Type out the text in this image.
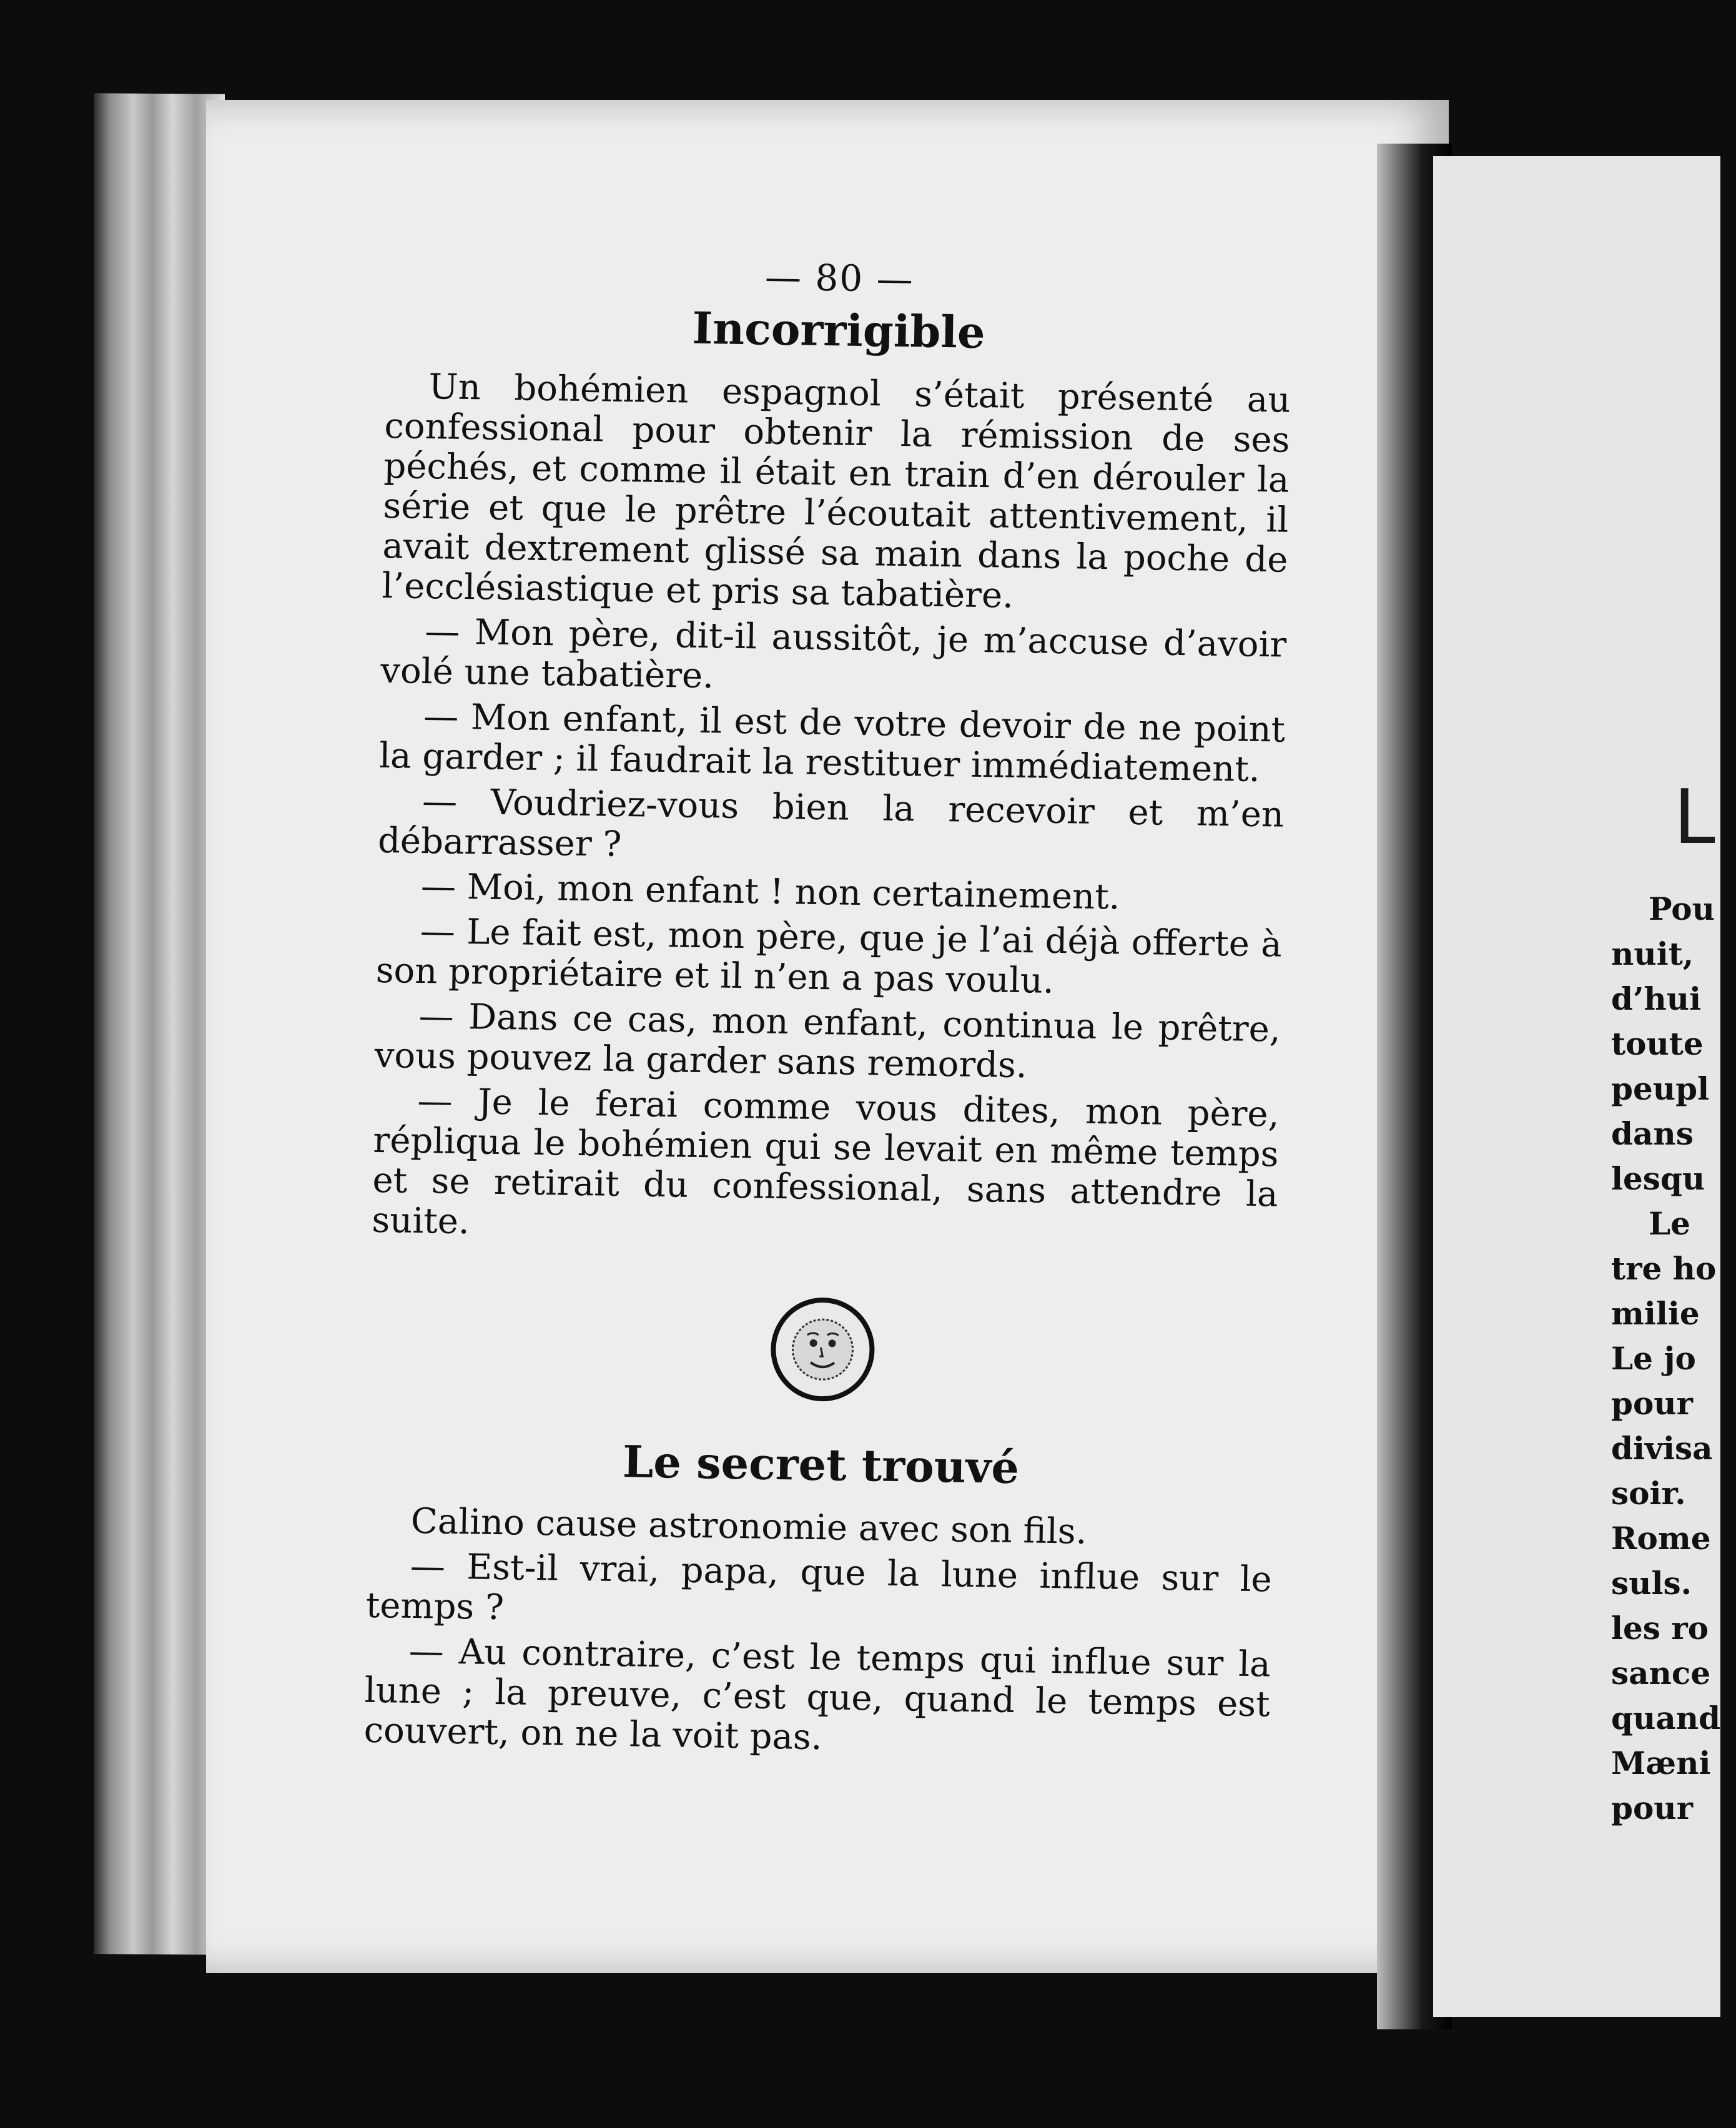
— 80 —
Incorrigible

Un bohémien espagnol s’était présenté au confessional pour obtenir la rémission de ses péchés, et comme il était en train d’en dérouler la série et que le prêtre l’écoutait attentivement, il avait dextrement glissé sa main dans la poche de l’ecclésiastique et pris sa tabatière.

— Mon père, dit-il aussitôt, je m’accuse d’avoir volé une tabatière.

— Mon enfant, il est de votre devoir de ne point la garder ; il faudrait la restituer immédiatement.

— Voudriez-vous bien la recevoir et m’en débarrasser ?

— Moi, mon enfant ! non certainement.

— Le fait est, mon père, que je l’ai déjà offerte à son propriétaire et il n’en a pas voulu.

— Dans ce cas, mon enfant, continua le prêtre, vous pouvez la garder sans remords.

— Je le ferai comme vous dites, mon père, répliqua le bohémien qui se levait en même temps et se retirait du confessional, sans attendre la suite.

Le secret trouvé

Calino cause astronomie avec son fils.

— Est-il vrai, papa, que la lune influe sur le temps ?

— Au contraire, c’est le temps qui influe sur la lune ; la preuve, c’est que, quand le temps est couvert, on ne la voit pas.

L
Pou
nuit,
d’hui
toute
peupl
dans
lesqu
Le
tre ho
milie
Le jo
pour
divisa
soir.
Rome
suls.
les ro
sance
quand
Mæni
pour
